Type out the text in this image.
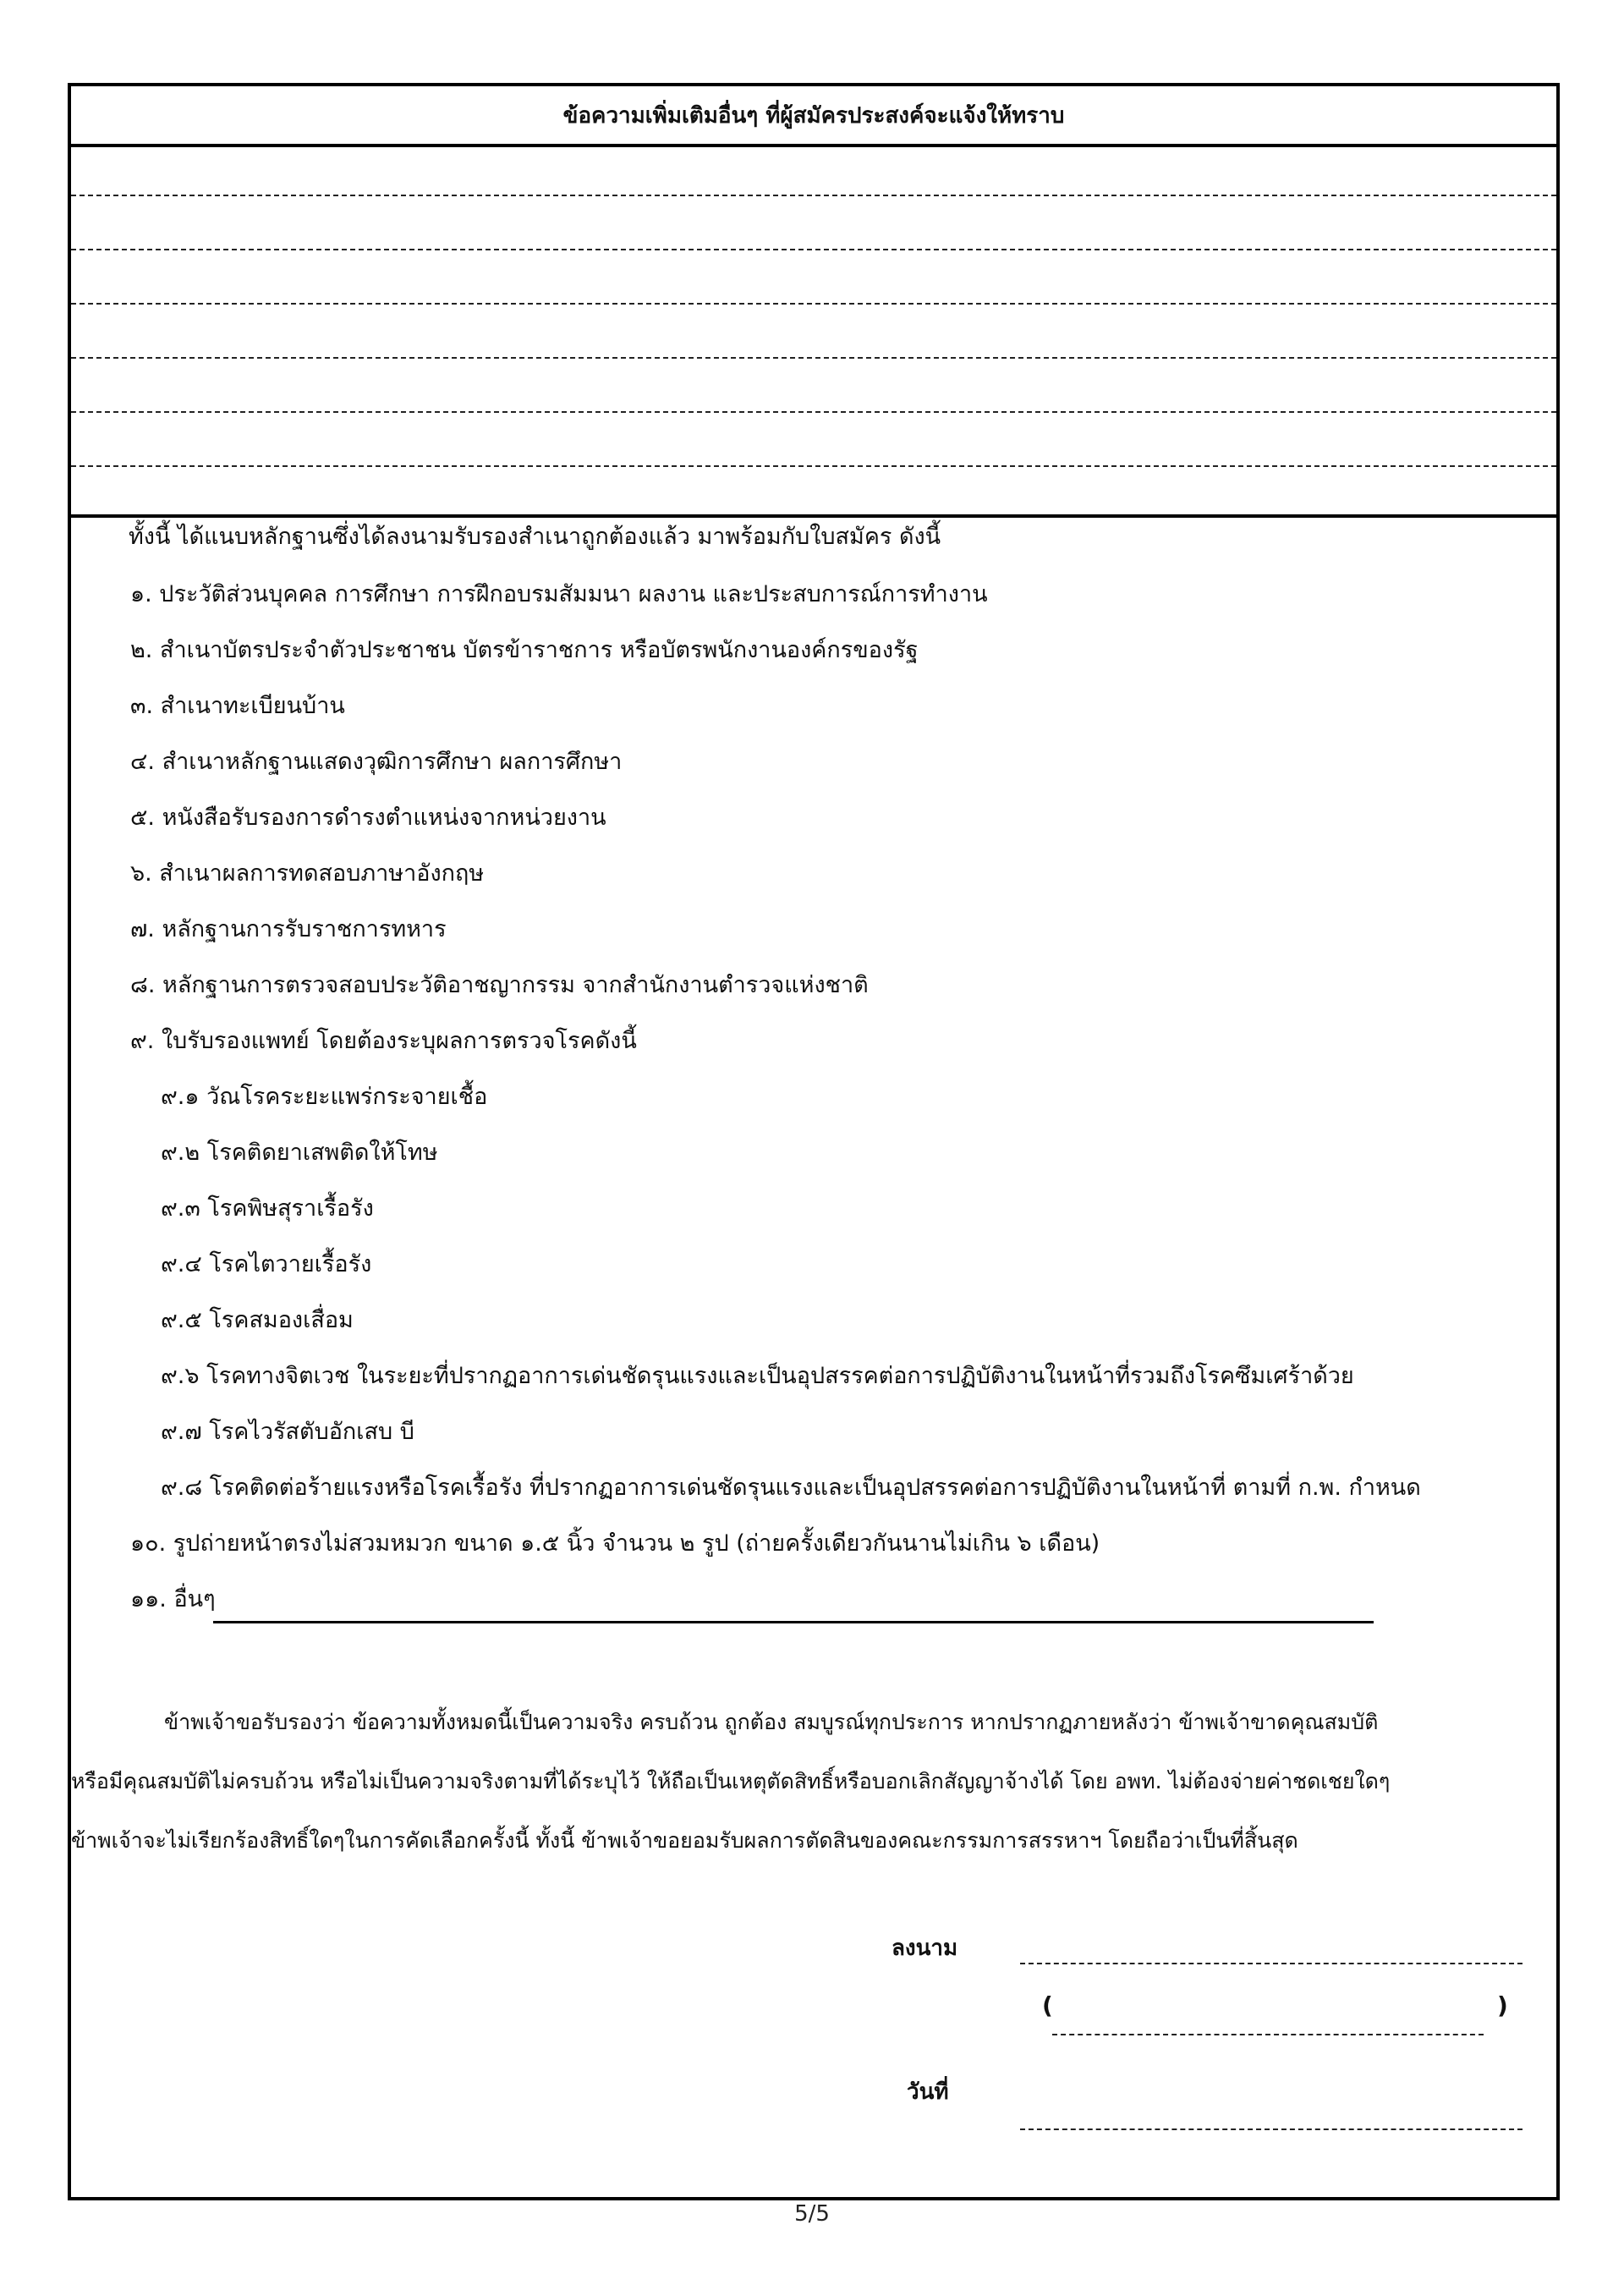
ข้อความเพิ่มเติมอื่นๆ ที่ผู้สมัครประสงค์จะแจ้งให้ทราบ
ทั้งนี้ ได้แนบหลักฐานซึ่งได้ลงนามรับรองสำเนาถูกต้องแล้ว มาพร้อมกับใบสมัคร ดังนี้
๑. ประวัติส่วนบุคคล การศึกษา การฝึกอบรมสัมมนา ผลงาน และประสบการณ์การทำงาน
๒. สำเนาบัตรประจำตัวประชาชน บัตรข้าราชการ หรือบัตรพนักงานองค์กรของรัฐ
๓. สำเนาทะเบียนบ้าน
๔. สำเนาหลักฐานแสดงวุฒิการศึกษา ผลการศึกษา
๕. หนังสือรับรองการดำรงตำแหน่งจากหน่วยงาน
๖. สำเนาผลการทดสอบภาษาอังกฤษ
๗. หลักฐานการรับราชการทหาร
๘. หลักฐานการตรวจสอบประวัติอาชญากรรม จากสำนักงานตำรวจแห่งชาติ
๙. ใบรับรองแพทย์ โดยต้องระบุผลการตรวจโรคดังนี้
๙.๑ วัณโรคระยะแพร่กระจายเชื้อ
๙.๒ โรคติดยาเสพติดให้โทษ
๙.๓ โรคพิษสุราเรื้อรัง
๙.๔ โรคไตวายเรื้อรัง
๙.๕ โรคสมองเสื่อม
๙.๖ โรคทางจิตเวช ในระยะที่ปรากฏอาการเด่นชัดรุนแรงและเป็นอุปสรรคต่อการปฏิบัติงานในหน้าที่รวมถึงโรคซึมเศร้าด้วย
๙.๗ โรคไวรัสตับอักเสบ บี
๙.๘ โรคติดต่อร้ายแรงหรือโรคเรื้อรัง ที่ปรากฏอาการเด่นชัดรุนแรงและเป็นอุปสรรคต่อการปฏิบัติงานในหน้าที่ ตามที่ ก.พ. กำหนด
๑๐. รูปถ่ายหน้าตรงไม่สวมหมวก ขนาด ๑.๕ นิ้ว จำนวน ๒ รูป (ถ่ายครั้งเดียวกันนานไม่เกิน ๖ เดือน)
๑๑. อื่นๆ
ข้าพเจ้าขอรับรองว่า ข้อความทั้งหมดนี้เป็นความจริง ครบถ้วน ถูกต้อง สมบูรณ์ทุกประการ หากปรากฏภายหลังว่า ข้าพเจ้าขาดคุณสมบัติ
หรือมีคุณสมบัติไม่ครบถ้วน หรือไม่เป็นความจริงตามที่ได้ระบุไว้ ให้ถือเป็นเหตุตัดสิทธิ์หรือบอกเลิกสัญญาจ้างได้ โดย อพท. ไม่ต้องจ่ายค่าชดเชยใดๆ
ข้าพเจ้าจะไม่เรียกร้องสิทธิ์ใดๆในการคัดเลือกครั้งนี้ ทั้งนี้ ข้าพเจ้าขอยอมรับผลการตัดสินของคณะกรรมการสรรหาฯ โดยถือว่าเป็นที่สิ้นสุด
ลงนาม
(	)
วันที่
5/5
